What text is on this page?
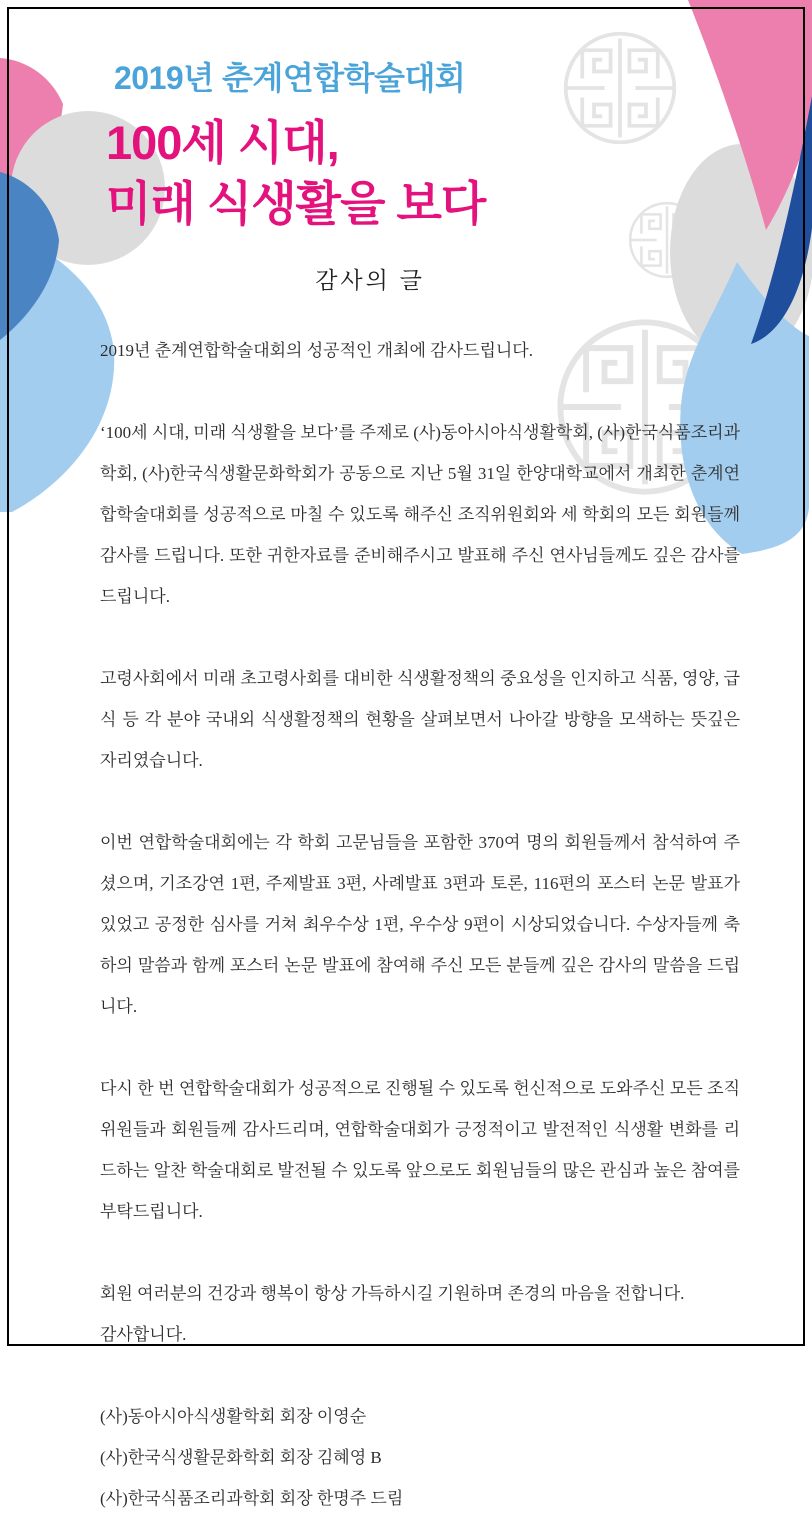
2019년 춘계연합학술대회
100세 시대,
미래 식생활을 보다
감사의 글

2019년 춘계연합학술대회의 성공적인 개최에 감사드립니다.

‘100세 시대, 미래 식생활을 보다’를 주제로 (사)동아시아식생활학회, (사)한국식품조리과학회, (사)한국식생활문화학회가 공동으로 지난 5월 31일 한양대학교에서 개최한 춘계연합학술대회를 성공적으로 마칠 수 있도록 해주신 조직위원회와 세 학회의 모든 회원들께 감사를 드립니다. 또한 귀한자료를 준비해주시고 발표해 주신 연사님들께도 깊은 감사를 드립니다.

고령사회에서 미래 초고령사회를 대비한 식생활정책의 중요성을 인지하고 식품, 영양, 급식 등 각 분야 국내외 식생활정책의 현황을 살펴보면서 나아갈 방향을 모색하는 뜻깊은 자리였습니다.

이번 연합학술대회에는 각 학회 고문님들을 포함한 370여 명의 회원들께서 참석하여 주셨으며, 기조강연 1편, 주제발표 3편, 사례발표 3편과 토론, 116편의 포스터 논문 발표가 있었고 공정한 심사를 거쳐 최우수상 1편, 우수상 9편이 시상되었습니다. 수상자들께 축하의 말씀과 함께 포스터 논문 발표에 참여해 주신 모든 분들께 깊은 감사의 말씀을 드립니다.

다시 한 번 연합학술대회가 성공적으로 진행될 수 있도록 헌신적으로 도와주신 모든 조직위원들과 회원들께 감사드리며, 연합학술대회가 긍정적이고 발전적인 식생활 변화를 리드하는 알찬 학술대회로 발전될 수 있도록 앞으로도 회원님들의 많은 관심과 높은 참여를 부탁드립니다.

회원 여러분의 건강과 행복이 항상 가득하시길 기원하며 존경의 마음을 전합니다.

감사합니다.

(사)동아시아식생활학회 회장 이영순

(사)한국식생활문화학회 회장 김혜영 B

(사)한국식품조리과학회 회장 한명주 드림
